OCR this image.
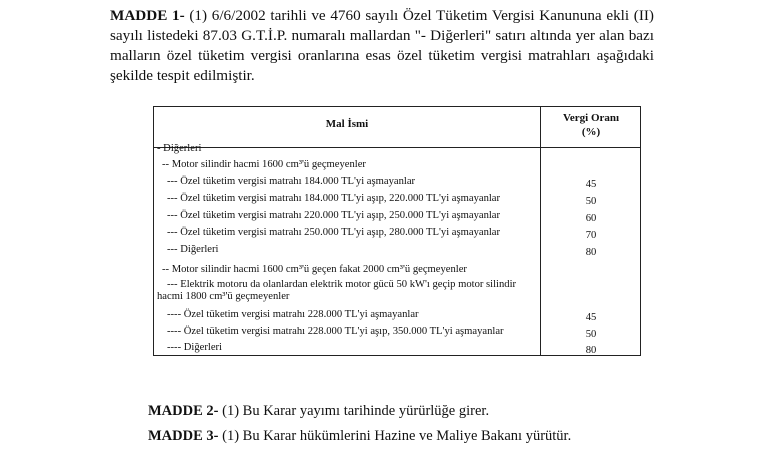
MADDE 1- (1) 6/6/2002 tarihli ve 4760 sayılı Özel Tüketim Vergisi Kanununa ekli (II) sayılı listedeki 87.03 G.T.İ.P. numaralı mallardan "- Diğerleri" satırı altında yer alan bazı malların özel tüketim vergisi oranlarına esas özel tüketim vergisi matrahları aşağıdaki şekilde tespit edilmiştir.
Mal İsmi	Vergi Oranı
(%)
- Diğerleri
-- Motor silindir hacmi 1600 cm³'ü geçmeyenler
--- Özel tüketim vergisi matrahı 184.000 TL'yi aşmayanlar	45
--- Özel tüketim vergisi matrahı 184.000 TL'yi aşıp, 220.000 TL'yi aşmayanlar	50
--- Özel tüketim vergisi matrahı 220.000 TL'yi aşıp, 250.000 TL'yi aşmayanlar	60
--- Özel tüketim vergisi matrahı 250.000 TL'yi aşıp, 280.000 TL'yi aşmayanlar	70
--- Diğerleri	80
-- Motor silindir hacmi 1600 cm³'ü geçen fakat 2000 cm³'ü geçmeyenler
--- Elektrik motoru da olanlardan elektrik motor gücü 50 kW'ı geçip motor silindir hacmi 1800 cm³'ü geçmeyenler
---- Özel tüketim vergisi matrahı 228.000 TL'yi aşmayanlar	45
---- Özel tüketim vergisi matrahı 228.000 TL'yi aşıp, 350.000 TL'yi aşmayanlar	50
---- Diğerleri	80
MADDE 2- (1) Bu Karar yayımı tarihinde yürürlüğe girer.
MADDE 3- (1) Bu Karar hükümlerini Hazine ve Maliye Bakanı yürütür.
